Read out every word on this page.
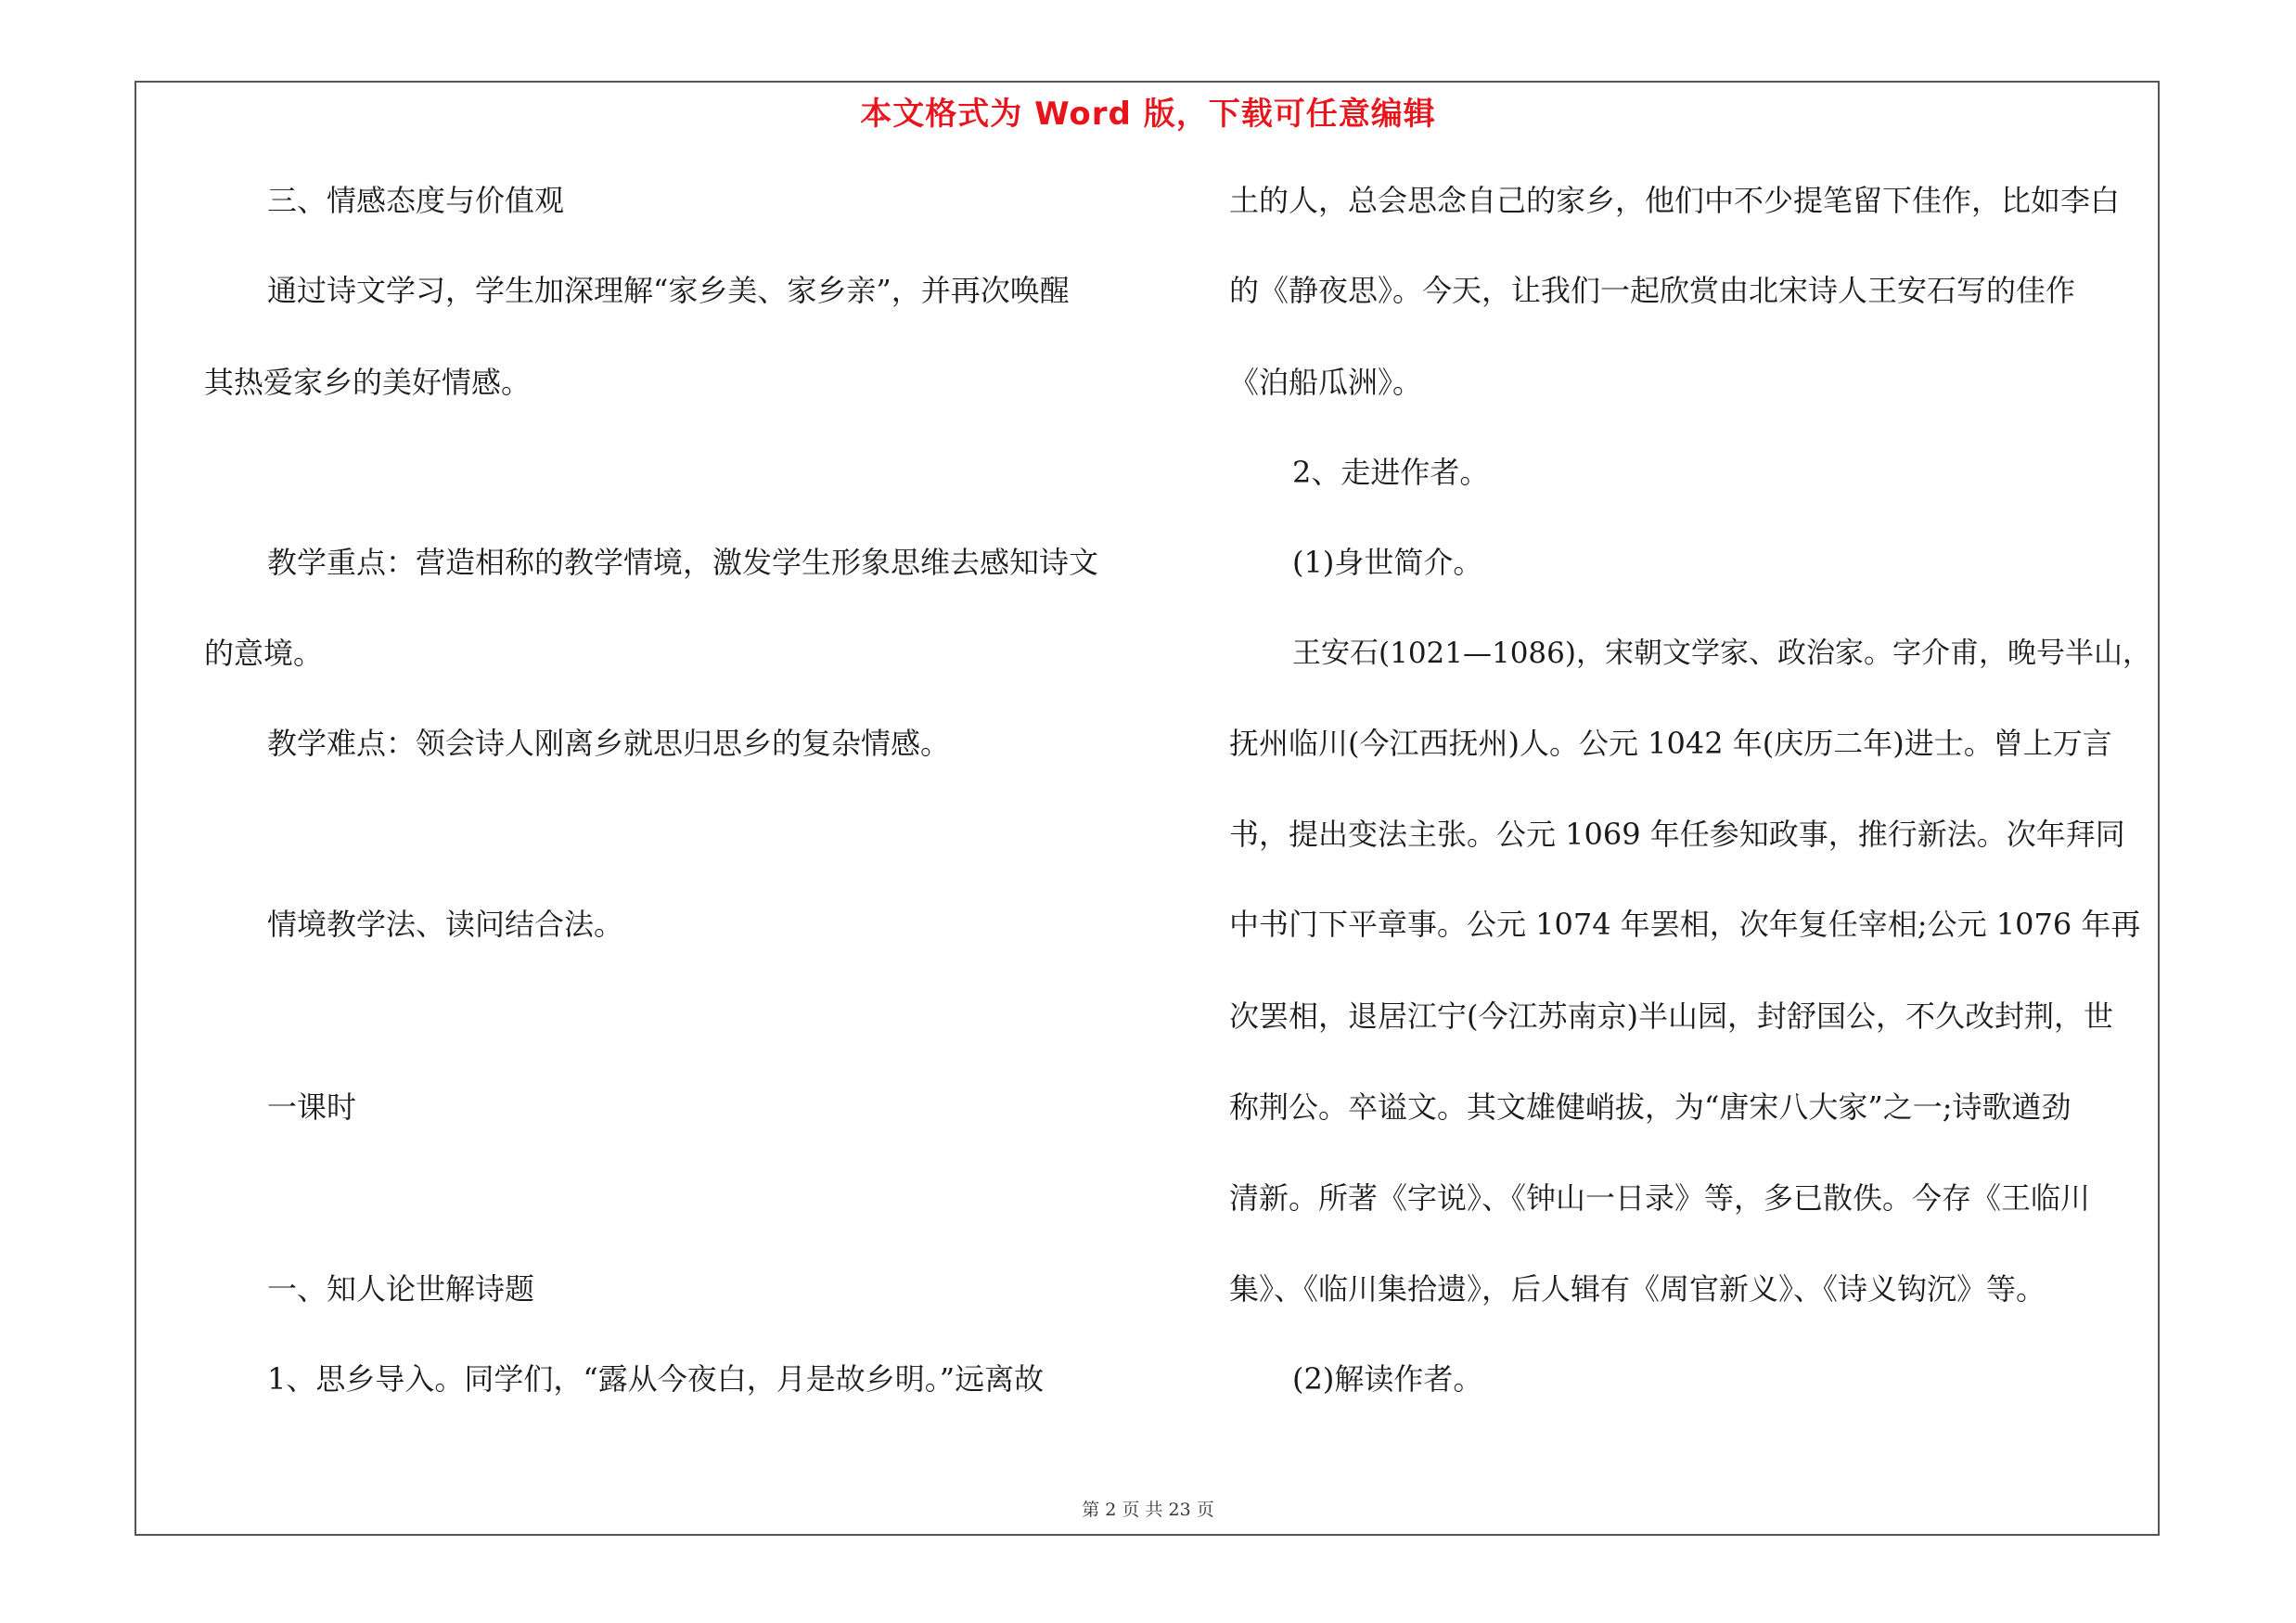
本文格式为 Word 版，下载可任意编辑
三、情感态度与价值观
通过诗文学习，学生加深理解“家乡美、家乡亲”，并再次唤醒
其热爱家乡的美好情感。
教学重点：营造相称的教学情境，激发学生形象思维去感知诗文
的意境。
教学难点：领会诗人刚离乡就思归思乡的复杂情感。
情境教学法、读问结合法。
一课时
一、知人论世解诗题
1、思乡导入。同学们，“露从今夜白，月是故乡明。”远离故
土的人，总会思念自己的家乡，他们中不少提笔留下佳作，比如李白
的《静夜思》。今天，让我们一起欣赏由北宋诗人王安石写的佳作
《泊船瓜洲》。
2、走进作者。
(1)身世简介。
王安石(1021—1086)，宋朝文学家、政治家。字介甫，晚号半山，
抚州临川(今江西抚州)人。公元 1042 年(庆历二年)进士。曾上万言
书，提出变法主张。公元 1069 年任参知政事，推行新法。次年拜同
中书门下平章事。公元 1074 年罢相，次年复任宰相;公元 1076 年再
次罢相，退居江宁(今江苏南京)半山园，封舒国公，不久改封荆，世
称荆公。卒谥文。其文雄健峭拔，为“唐宋八大家”之一;诗歌遒劲
清新。所著《字说》、《钟山一日录》等，多已散佚。今存《王临川
集》、《临川集拾遗》，后人辑有《周官新义》、《诗义钩沉》等。
(2)解读作者。
第 2 页 共 23 页
